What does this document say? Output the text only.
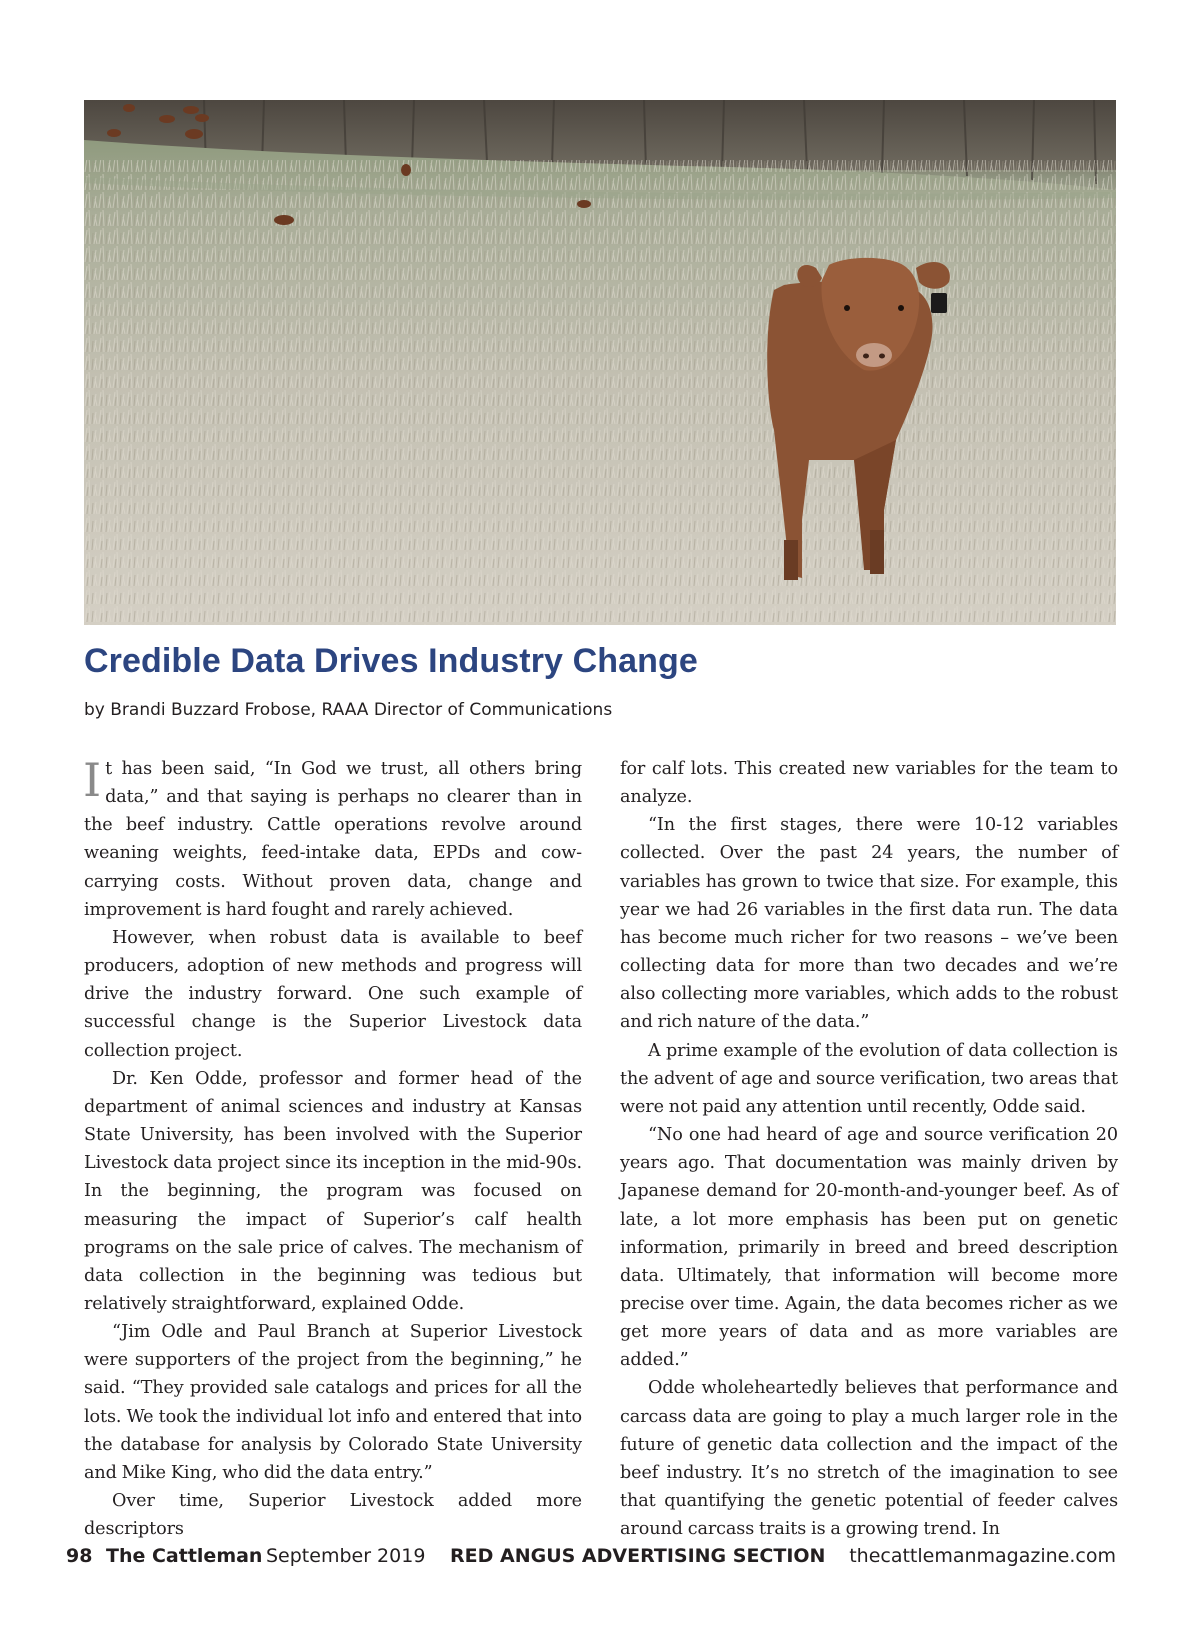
Credible Data Drives Industry Change

by Brandi Buzzard Frobose, RAAA Director of Communications

It has been said, “In God we trust, all others bring data,” and that saying is perhaps no clearer than in the beef industry. Cattle operations revolve around weaning weights, feed-intake data, EPDs and cow-carrying costs. Without proven data, change and improvement is hard fought and rarely achieved.

However, when robust data is available to beef producers, adoption of new methods and progress will drive the industry forward. One such example of successful change is the Superior Livestock data collection project.

Dr. Ken Odde, professor and former head of the department of animal sciences and industry at Kansas State University, has been involved with the Superior Livestock data project since its inception in the mid-90s. In the beginning, the program was focused on measuring the impact of Superior’s calf health programs on the sale price of calves. The mechanism of data collection in the beginning was tedious but relatively straightforward, explained Odde.

“Jim Odle and Paul Branch at Superior Livestock were supporters of the project from the beginning,” he said. “They provided sale catalogs and prices for all the lots. We took the individual lot info and entered that into the database for analysis by Colorado State University and Mike King, who did the data entry.”

Over time, Superior Livestock added more descriptors

for calf lots. This created new variables for the team to analyze.

“In the first stages, there were 10-12 variables collected. Over the past 24 years, the number of variables has grown to twice that size. For example, this year we had 26 variables in the first data run. The data has become much richer for two reasons – we’ve been collecting data for more than two decades and we’re also collecting more variables, which adds to the robust and rich nature of the data.”

A prime example of the evolution of data collection is the advent of age and source verification, two areas that were not paid any attention until recently, Odde said.

“No one had heard of age and source verification 20 years ago. That documentation was mainly driven by Japanese demand for 20-month-and-younger beef. As of late, a lot more emphasis has been put on genetic information, primarily in breed and breed description data. Ultimately, that information will become more precise over time. Again, the data becomes richer as we get more years of data and as more variables are added.”

Odde wholeheartedly believes that performance and carcass data are going to play a much larger role in the future of genetic data collection and the impact of the beef industry. It’s no stretch of the imagination to see that quantifying the genetic potential of feeder calves around carcass traits is a growing trend. In

98 The Cattleman September 2019 RED ANGUS ADVERTISING SECTION thecattlemanmagazine.com
